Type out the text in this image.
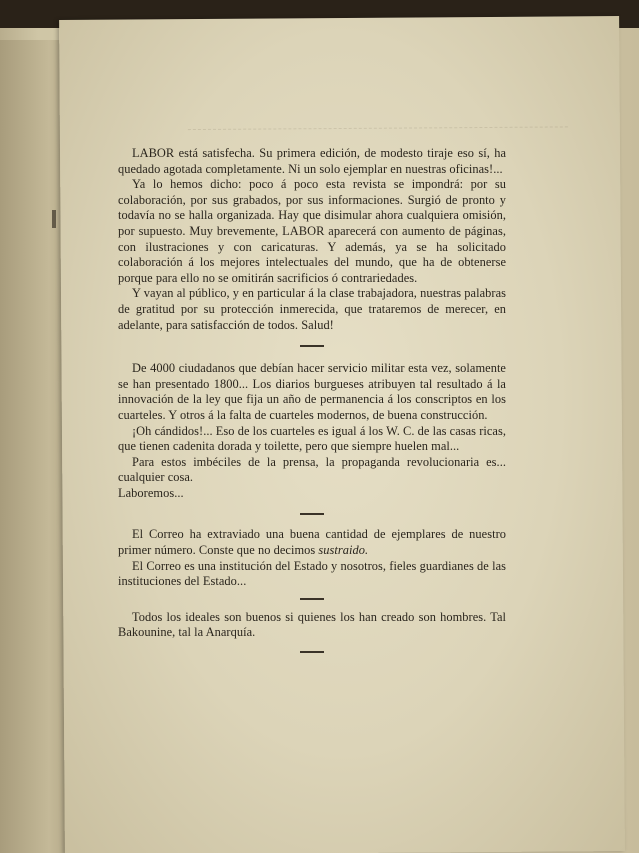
LABOR está satisfecha. Su primera edición, de modesto tiraje eso sí, ha quedado agotada completamente. Ni un solo ejemplar en nuestras oficinas!...

Ya lo hemos dicho: poco á poco esta revista se impondrá: por su colaboración, por sus grabados, por sus informaciones. Surgió de pronto y todavía no se halla organizada. Hay que disimular ahora cualquiera omisión, por supuesto. Muy brevemente, LABOR aparecerá con aumento de páginas, con ilustraciones y con caricaturas. Y además, ya se ha solicitado colaboración á los mejores intelectuales del mundo, que ha de obtenerse porque para ello no se omitirán sacrificios ó contrariedades.

Y vayan al público, y en particular á la clase trabajadora, nuestras palabras de gratitud por su protección inmerecida, que trataremos de merecer, en adelante, para satisfacción de todos. Salud!

De 4000 ciudadanos que debían hacer servicio militar esta vez, solamente se han presentado 1800... Los diarios burgueses atribuyen tal resultado á la innovación de la ley que fija un año de permanencia á los conscriptos en los cuarteles. Y otros á la falta de cuarteles modernos, de buena construcción.

¡Oh cándidos!... Eso de los cuarteles es igual á los W. C. de las casas ricas, que tienen cadenita dorada y toilette, pero que siempre huelen mal...

Para estos imbéciles de la prensa, la propaganda revolucionaria es... cualquier cosa.

Laboremos...

El Correo ha extraviado una buena cantidad de ejemplares de nuestro primer número. Conste que no decimos sustraido.

El Correo es una institución del Estado y nosotros, fieles guardianes de las instituciones del Estado...

Todos los ideales son buenos si quienes los han creado son hombres. Tal Bakounine, tal la Anarquía.
